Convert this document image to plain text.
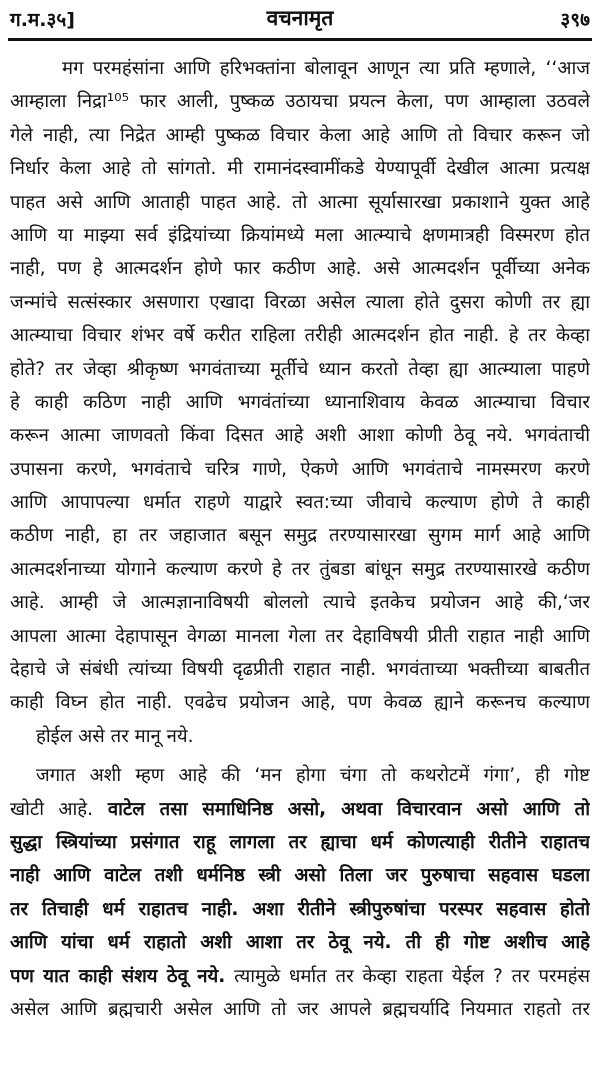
ग.म.३५]	वचनामृत	३९७
मग परमहंसांना आणि हरिभक्तांना बोलावून आणून त्या प्रति म्हणाले, ‘‘आज
आम्हाला निद्रा¹⁰⁵ फार आली, पुष्कळ उठायचा प्रयत्न केला, पण आम्हाला उठवले
गेले नाही, त्या निद्रेत आम्ही पुष्कळ विचार केला आहे आणि तो विचार करून जो
निर्धार केला आहे तो सांगतो. मी रामानंदस्वामींकडे येण्यापूर्वी देखील आत्मा प्रत्यक्ष
पाहत असे आणि आताही पाहत आहे. तो आत्मा सूर्यासारखा प्रकाशाने युक्त आहे
आणि या माझ्या सर्व इंद्रियांच्या क्रियांमध्ये मला आत्म्याचे क्षणमात्रही विस्मरण होत
नाही, पण हे आत्मदर्शन होणे फार कठीण आहे. असे आत्मदर्शन पूर्वीच्या अनेक
जन्मांचे सत्संस्कार असणारा एखादा विरळा असेल त्याला होते दुसरा कोणी तर ह्या
आत्म्याचा विचार शंभर वर्षे करीत राहिला तरीही आत्मदर्शन होत नाही. हे तर केव्हा
होते? तर जेव्हा श्रीकृष्ण भगवंताच्या मूर्तीचे ध्यान करतो तेव्हा ह्या आत्म्याला पाहणे
हे काही कठिण नाही आणि भगवंतांच्या ध्यानाशिवाय केवळ आत्म्याचा विचार
करून आत्मा जाणवतो किंवा दिसत आहे अशी आशा कोणी ठेवू नये. भगवंताची
उपासना करणे, भगवंताचे चरित्र गाणे, ऐकणे आणि भगवंताचे नामस्मरण करणे
आणि आपापल्या धर्मात राहणे याद्वारे स्वत:च्या जीवाचे कल्याण होणे ते काही
कठीण नाही, हा तर जहाजात बसून समुद्र तरण्यासारखा सुगम मार्ग आहे आणि
आत्मदर्शनाच्या योगाने कल्याण करणे हे तर तुंबडा बांधून समुद्र तरण्यासारखे कठीण
आहे. आम्ही जे आत्मज्ञानाविषयी बोललो त्याचे इतकेच प्रयोजन आहे की,‘जर
आपला आत्मा देहापासून वेगळा मानला गेला तर देहाविषयी प्रीती राहात नाही आणि
देहाचे जे संबंधी त्यांच्या विषयी दृढप्रीती राहात नाही. भगवंताच्या भक्तीच्या बाबतीत
काही विघ्न होत नाही. एवढेच प्रयोजन आहे, पण केवळ ह्याने करूनच कल्याण
होईल असे तर मानू नये.
जगात अशी म्हण आहे की ‘मन होगा चंगा तो कथरोटमें गंगा’, ही गोष्ट
खोटी आहे. वाटेल तसा समाधिनिष्ठ असो, अथवा विचारवान असो आणि तो
सुद्धा स्त्रियांच्या प्रसंगात राहू लागला तर ह्याचा धर्म कोणत्याही रीतीने राहातच
नाही आणि वाटेल तशी धर्मनिष्ठ स्त्री असो तिला जर पुरुषाचा सहवास घडला
तर तिचाही धर्म राहातच नाही. अशा रीतीने स्त्रीपुरुषांचा परस्पर सहवास होतो
आणि यांचा धर्म राहातो अशी आशा तर ठेवू नये. ती ही गोष्ट अशीच आहे
पण यात काही संशय ठेवू नये. त्यामुळे धर्मात तर केव्हा राहता येईल ? तर परमहंस
असेल आणि ब्रह्मचारी असेल आणि तो जर आपले ब्रह्मचर्यादि नियमात राहतो तर
